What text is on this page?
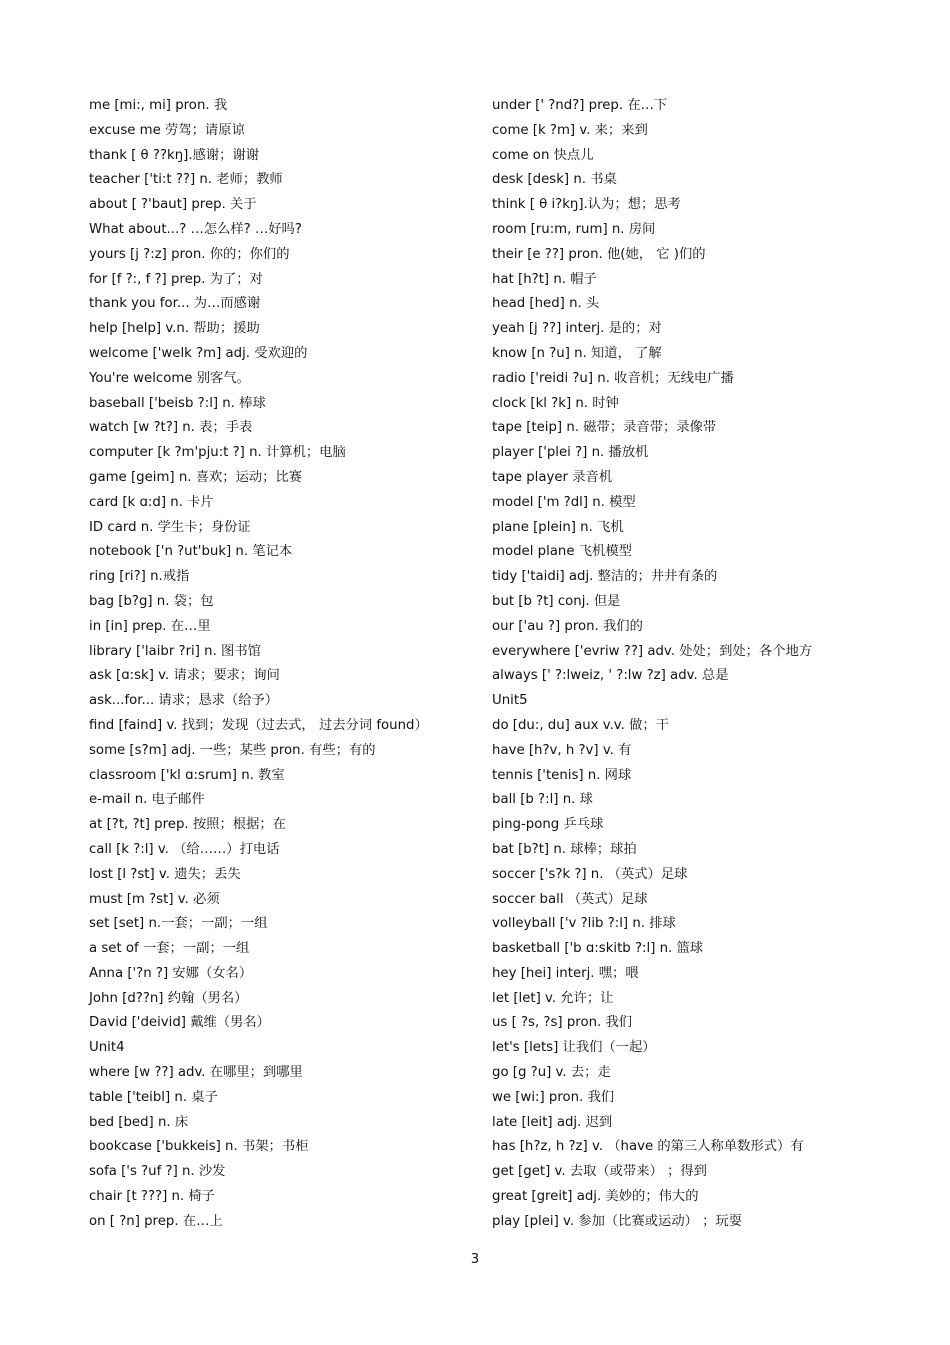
me [mi:, mi] pron. 我
excuse me 劳驾；请原谅
thank [ θ ??kŋ].感谢；谢谢
teacher ['ti:t ??] n. 老师；教师
about [ ?'baut] prep. 关于
What about...? …怎么样? …好吗?
yours [j ?:z] pron. 你的；你们的
for [f ?:, f ?] prep. 为了；对
thank you for... 为…而感谢
help [help] v.n. 帮助；援助
welcome ['welk ?m] adj. 受欢迎的
You're welcome 别客气。
baseball ['beisb ?:l] n. 棒球
watch [w ?t?] n. 表；手表
computer [k ?m'pju:t ?] n. 计算机；电脑
game [geim] n. 喜欢；运动；比赛
card [k ɑ:d] n. 卡片
ID card n. 学生卡；身份证
notebook ['n ?ut'buk] n. 笔记本
ring [ri?] n.戒指
bag [b?g] n. 袋；包
in [in] prep. 在…里
library ['laibr ?ri] n. 图书馆
ask [ɑ:sk] v. 请求；要求；询问
ask...for... 请求；恳求（给予）
find [faind] v. 找到；发现（过去式， 过去分词 found）
some [s?m] adj. 一些；某些 pron. 有些；有的
classroom ['kl ɑ:srum] n. 教室
e-mail n. 电子邮件
at [?t, ?t] prep. 按照；根据；在
call [k ?:l] v. （给……）打电话
lost [l ?st] v. 遗失；丢失
must [m ?st] v. 必须
set [set] n.一套；一副；一组
a set of 一套；一副；一组
Anna ['?n ?] 安娜（女名）
John [d??n] 约翰（男名）
David ['deivid] 戴维（男名）
Unit4
where [w ??] adv. 在哪里；到哪里
table ['teibl] n. 桌子
bed [bed] n. 床
bookcase ['bukkeis] n. 书架；书柜
sofa ['s ?uf ?] n. 沙发
chair [t ???] n. 椅子
on [ ?n] prep. 在…上
under [' ?nd?] prep. 在…下
come [k ?m] v. 来；来到
come on 快点儿
desk [desk] n. 书桌
think [ θ i?kŋ].认为；想；思考
room [ru:m, rum] n. 房间
their [e ??] pron. 他(她， 它 )们的
hat [h?t] n. 帽子
head [hed] n. 头
yeah [j ??] interj. 是的；对
know [n ?u] n. 知道， 了解
radio ['reidi ?u] n. 收音机；无线电广播
clock [kl ?k] n. 时钟
tape [teip] n. 磁带；录音带；录像带
player ['plei ?] n. 播放机
tape player 录音机
model ['m ?dl] n. 模型
plane [plein] n. 飞机
model plane 飞机模型
tidy ['taidi] adj. 整洁的；井井有条的
but [b ?t] conj. 但是
our ['au ?] pron. 我们的
everywhere ['evriw ??] adv. 处处；到处；各个地方
always [' ?:lweiz, ' ?:lw ?z] adv. 总是
Unit5
do [du:, du] aux v.v. 做；干
have [h?v, h ?v] v. 有
tennis ['tenis] n. 网球
ball [b ?:l] n. 球
ping-pong 乒乓球
bat [b?t] n. 球棒；球拍
soccer ['s?k ?] n. （英式）足球
soccer ball （英式）足球
volleyball ['v ?lib ?:l] n. 排球
basketball ['b ɑ:skitb ?:l] n. 篮球
hey [hei] interj. 嘿；喂
let [let] v. 允许；让
us [ ?s, ?s] pron. 我们
let's [lets] 让我们（一起）
go [g ?u] v. 去；走
we [wi:] pron. 我们
late [leit] adj. 迟到
has [h?z, h ?z] v. （have 的第三人称单数形式）有
get [get] v. 去取（或带来） ；得到
great [greit] adj. 美妙的；伟大的
play [plei] v. 参加（比赛或运动） ；玩耍
3
